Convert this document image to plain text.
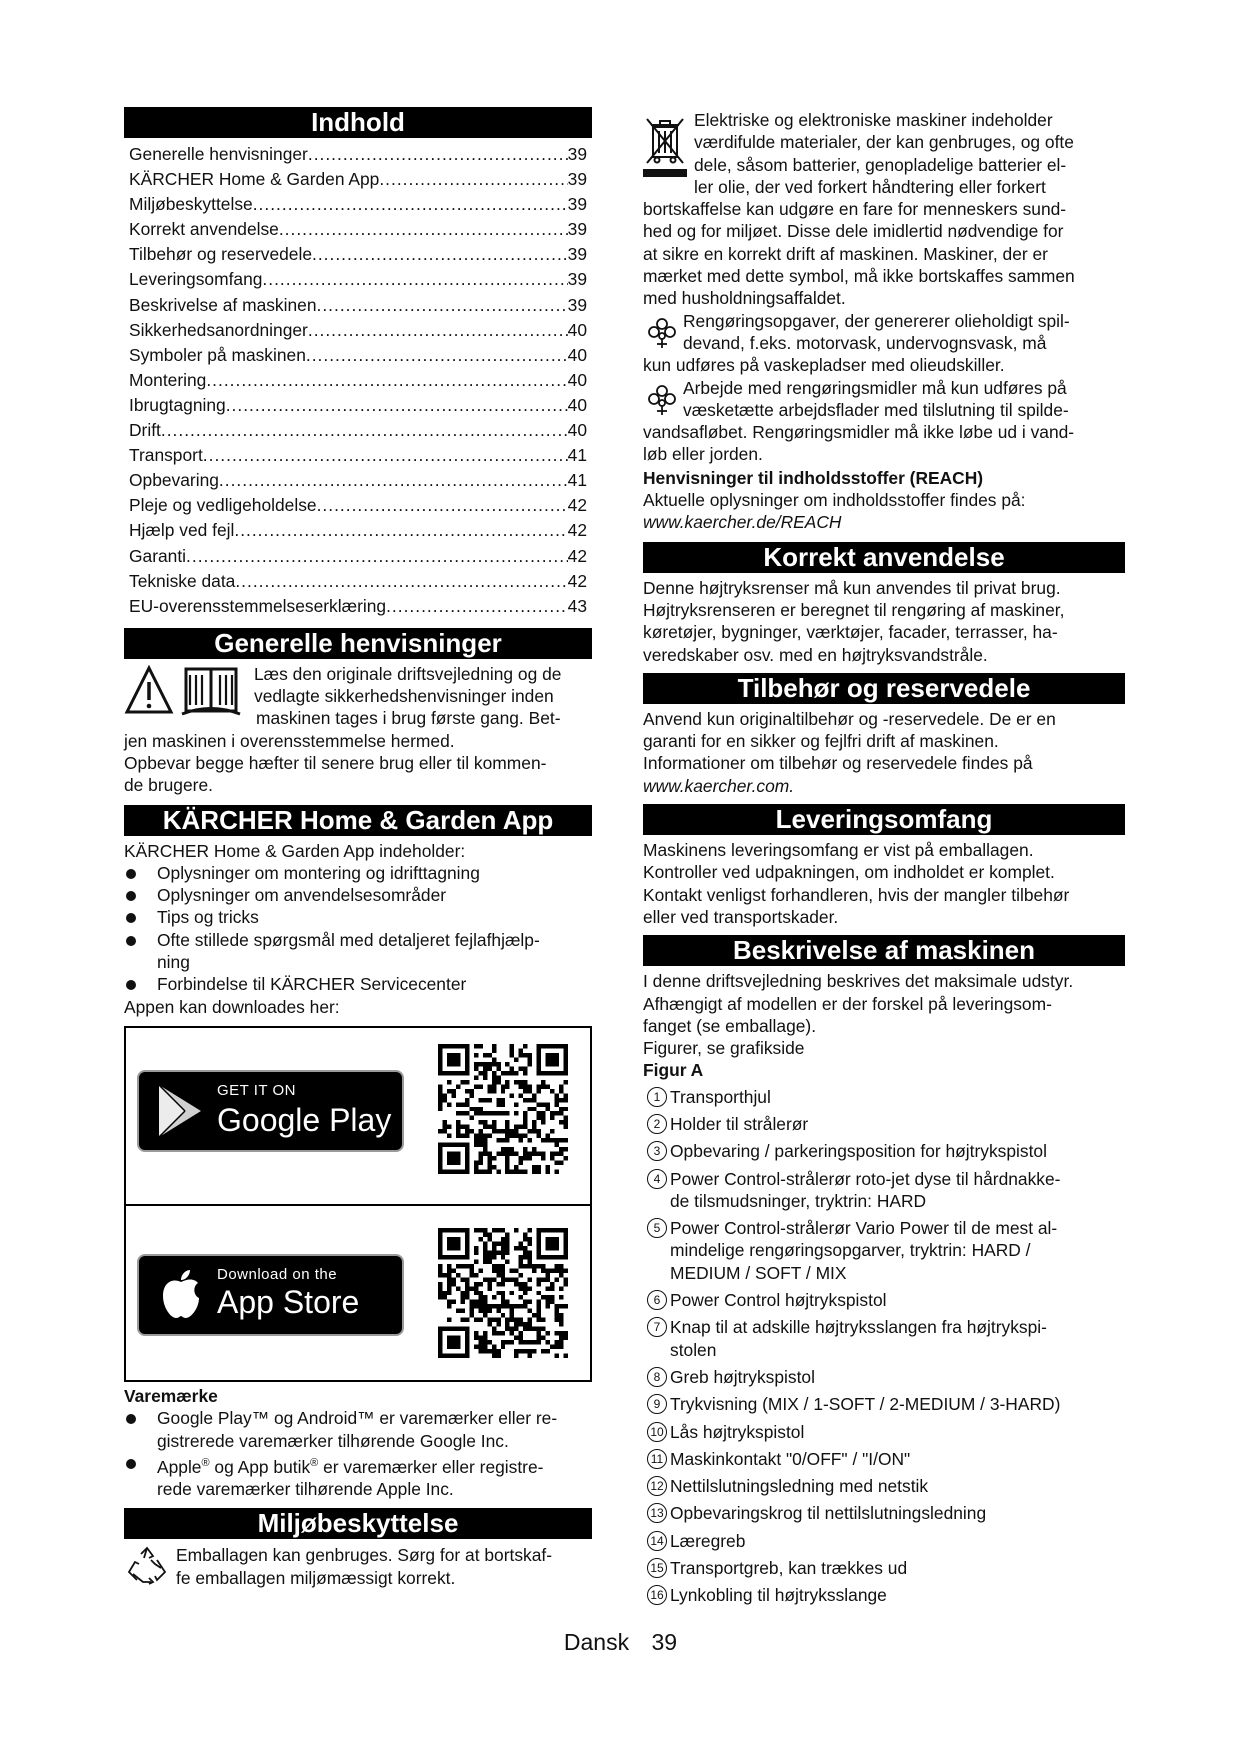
Indhold
Generelle henvisninger .....	39
KÄRCHER Home & Garden App .....	39
Miljøbeskyttelse .....	39
Korrekt anvendelse .....	39
Tilbehør og reservedele .....	39
Leveringsomfang .....	39
Beskrivelse af maskinen .....	39
Sikkerhedsanordninger .....	40
Symboler på maskinen .....	40
Montering .....	40
Ibrugtagning .....	40
Drift .....	40
Transport .....	41
Opbevaring .....	41
Pleje og vedligeholdelse .....	42
Hjælp ved fejl .....	42
Garanti .....	42
Tekniske data .....	42
EU-overensstemmelseserklæring .....	43
Generelle henvisninger

Læs den originale driftsvejledning og de

vedlagte sikkerhedshenvisninger inden

maskinen tages i brug første gang. Bet-

jen maskinen i overensstemmelse hermed.

Opbevar begge hæfter til senere brug eller til kommen-

de brugere.

KÄRCHER Home & Garden App

KÄRCHER Home & Garden App indeholder:

Oplysninger om montering og idrifttagning
Oplysninger om anvendelsesområder
Tips og tricks
Ofte stillede spørgsmål med detaljeret fejlafhjælp-
ning
Forbindelse til KÄRCHER Servicecenter

Appen kan downloades her:

GET IT ON
Google Play
Download on the
App Store

Varemærke

Google Play™ og Android™ er varemærker eller re-
gistrerede varemærker tilhørende Google Inc.
Apple® og App butik® er varemærker eller registre-
rede varemærker tilhørende Apple Inc.
Miljøbeskyttelse

Emballagen kan genbruges. Sørg for at bortskaf-

fe emballagen miljømæssigt korrekt.

Elektriske og elektroniske maskiner indeholder

værdifulde materialer, der kan genbruges, og ofte

dele, såsom batterier, genopladelige batterier el-

ler olie, der ved forkert håndtering eller forkert

bortskaffelse kan udgøre en fare for menneskers sund-

hed og for miljøet. Disse dele imidlertid nødvendige for

at sikre en korrekt drift af maskinen. Maskiner, der er

mærket med dette symbol, må ikke bortskaffes sammen

med husholdningsaffaldet.

Rengøringsopgaver, der genererer olieholdigt spil-

devand, f.eks. motorvask, undervognsvask, må

kun udføres på vaskepladser med olieudskiller.

Arbejde med rengøringsmidler må kun udføres på

væsketætte arbejdsflader med tilslutning til spilde-

vandsafløbet. Rengøringsmidler må ikke løbe ud i vand-

løb eller jorden.

Henvisninger til indholdsstoffer (REACH)

Aktuelle oplysninger om indholdsstoffer findes på:

www.kaercher.de/REACH

Korrekt anvendelse

Denne højtryksrenser må kun anvendes til privat brug.

Højtryksrenseren er beregnet til rengøring af maskiner,

køretøjer, bygninger, værktøjer, facader, terrasser, ha-

veredskaber osv. med en højtryksvandstråle.

Tilbehør og reservedele

Anvend kun originaltilbehør og -reservedele. De er en

garanti for en sikker og fejlfri drift af maskinen.

Informationer om tilbehør og reservedele findes på

www.kaercher.com.

Leveringsomfang

Maskinens leveringsomfang er vist på emballagen.

Kontroller ved udpakningen, om indholdet er komplet.

Kontakt venligst forhandleren, hvis der mangler tilbehør

eller ved transportskader.

Beskrivelse af maskinen

I denne driftsvejledning beskrives det maksimale udstyr.

Afhængigt af modellen er der forskel på leveringsom-

fanget (se emballage).

Figurer, se grafikside

Figur A

1 Transporthjul
2 Holder til strålerør
3 Opbevaring / parkeringsposition for højtrykspistol
4 Power Control-strålerør roto-jet dyse til hårdnakke-
de tilsmudsninger, tryktrin: HARD
5 Power Control-strålerør Vario Power til de mest al-
mindelige rengøringsopgarver, tryktrin: HARD /
MEDIUM / SOFT / MIX
6 Power Control højtrykspistol
7 Knap til at adskille højtryksslangen fra højtrykspi-
stolen
8 Greb højtrykspistol
9 Trykvisning (MIX / 1-SOFT / 2-MEDIUM / 3-HARD)
10 Lås højtrykspistol
11 Maskinkontakt "0/OFF" / "I/ON"
12 Nettilslutningsledning med netstik
13 Opbevaringskrog til nettilslutningsledning
14 Læregreb
15 Transportgreb, kan trækkes ud
16 Lynkobling til højtryksslange
Dansk 39
